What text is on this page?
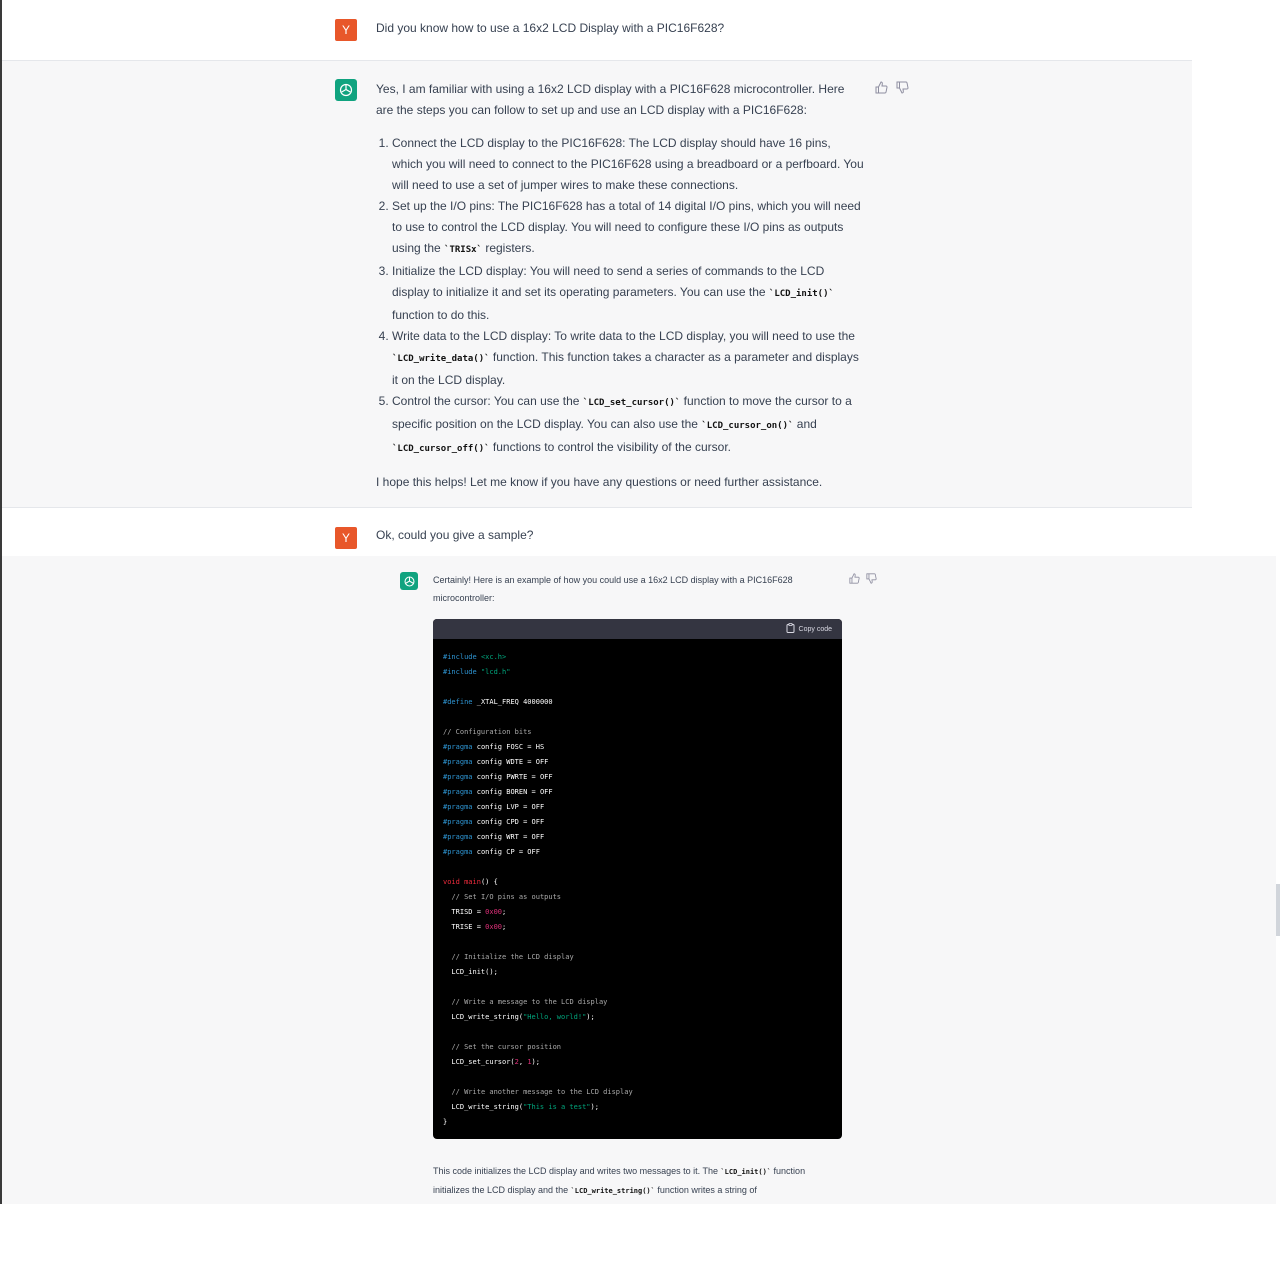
Y	Did you know how to use a 16x2 LCD Display with a PIC16F628?

Yes, I am familiar with using a 16x2 LCD display with a PIC16F628 microcontroller. Here are the steps you can follow to set up and use an LCD display with a PIC16F628:

1. Connect the LCD display to the PIC16F628: The LCD display should have 16 pins, which you will need to connect to the PIC16F628 using a breadboard or a perfboard. You will need to use a set of jumper wires to make these connections.
2. Set up the I/O pins: The PIC16F628 has a total of 14 digital I/O pins, which you will need to use to control the LCD display. You will need to configure these I/O pins as outputs using the `TRISx` registers.
3. Initialize the LCD display: You will need to send a series of commands to the LCD display to initialize it and set its operating parameters. You can use the `LCD_init()` function to do this.
4. Write data to the LCD display: To write data to the LCD display, you will need to use the `LCD_write_data()` function. This function takes a character as a parameter and displays it on the LCD display.
5. Control the cursor: You can use the `LCD_set_cursor()` function to move the cursor to a specific position on the LCD display. You can also use the `LCD_cursor_on()` and `LCD_cursor_off()` functions to control the visibility of the cursor.

I hope this helps! Let me know if you have any questions or need further assistance.

Y	Ok, could you give a sample?
Certainly! Here is an example of how you could use a 16x2 LCD display with a PIC16F628 microcontroller:
Copy code
#include <xc.h>
#include "lcd.h"

#define _XTAL_FREQ 4000000

// Configuration bits
#pragma config FOSC = HS
#pragma config WDTE = OFF
#pragma config PWRTE = OFF
#pragma config BOREN = OFF
#pragma config LVP = OFF
#pragma config CPD = OFF
#pragma config WRT = OFF
#pragma config CP = OFF

void main() {
// Set I/O pins as outputs
TRISD = 0x00;
TRISE = 0x00;

// Initialize the LCD display
LCD_init();

// Write a message to the LCD display
LCD_write_string("Hello, world!");

// Set the cursor position
LCD_set_cursor(2, 1);

// Write another message to the LCD display
LCD_write_string("This is a test");
}
This code initializes the LCD display and writes two messages to it. The `LCD_init()` function initializes the LCD display and the `LCD_write_string()` function writes a string of
